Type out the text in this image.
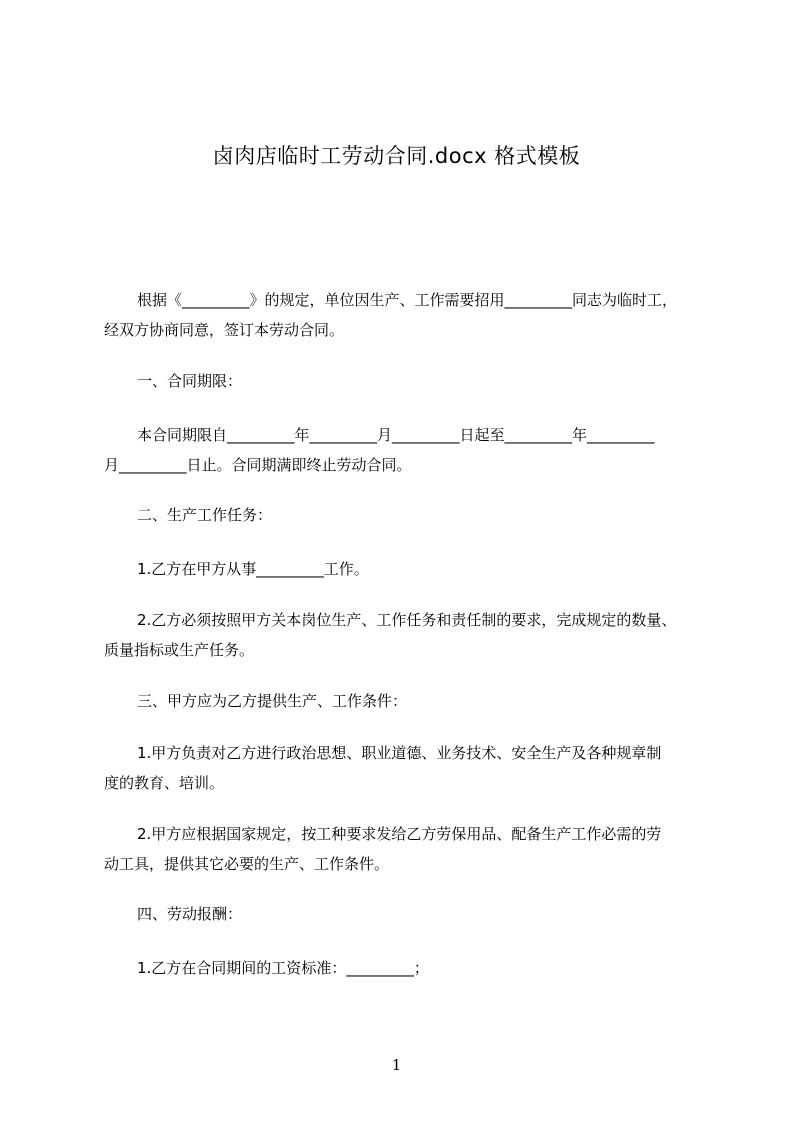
卤肉店临时工劳动合同.docx 格式模板
根据《_________》的规定，单位因生产、工作需要招用_________同志为临时工，
经双方协商同意，签订本劳动合同。
一、合同期限：
本合同期限自_________年_________月_________日起至_________年_________
月_________日止。合同期满即终止劳动合同。
二、生产工作任务：
1.乙方在甲方从事_________工作。
2.乙方必须按照甲方关本岗位生产、工作任务和责任制的要求，完成规定的数量、
质量指标或生产任务。
三、甲方应为乙方提供生产、工作条件：
1.甲方负责对乙方进行政治思想、职业道德、业务技术、安全生产及各种规章制
度的教育、培训。
2.甲方应根据国家规定，按工种要求发给乙方劳保用品、配备生产工作必需的劳
动工具，提供其它必要的生产、工作条件。
四、劳动报酬：
1.乙方在合同期间的工资标准：_________；
1
